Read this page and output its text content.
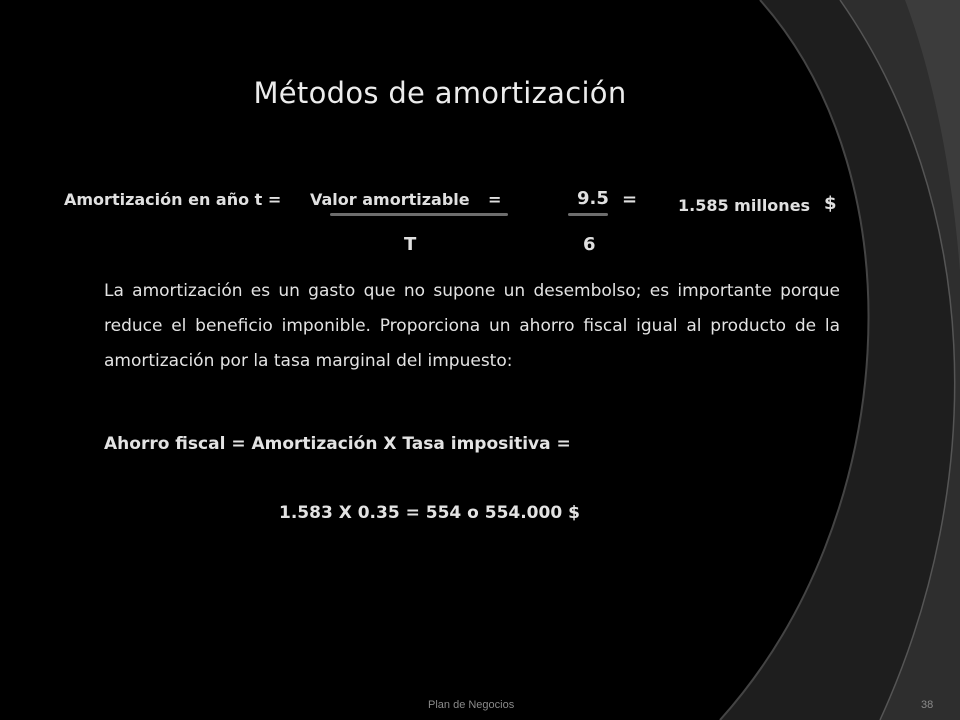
Métodos de amortización
Amortización en año t = Valor amortizable =	9.5 =	1.585 millones $
T	6
La amortización es un gasto que no supone un desembolso; es importante porque reduce el beneficio imponible. Proporciona un ahorro fiscal igual al producto de la amortización por la tasa marginal del impuesto:
Ahorro fiscal = Amortización X Tasa impositiva =
1.583 X 0.35 = 554 o 554.000 $
Plan de Negocios	38
